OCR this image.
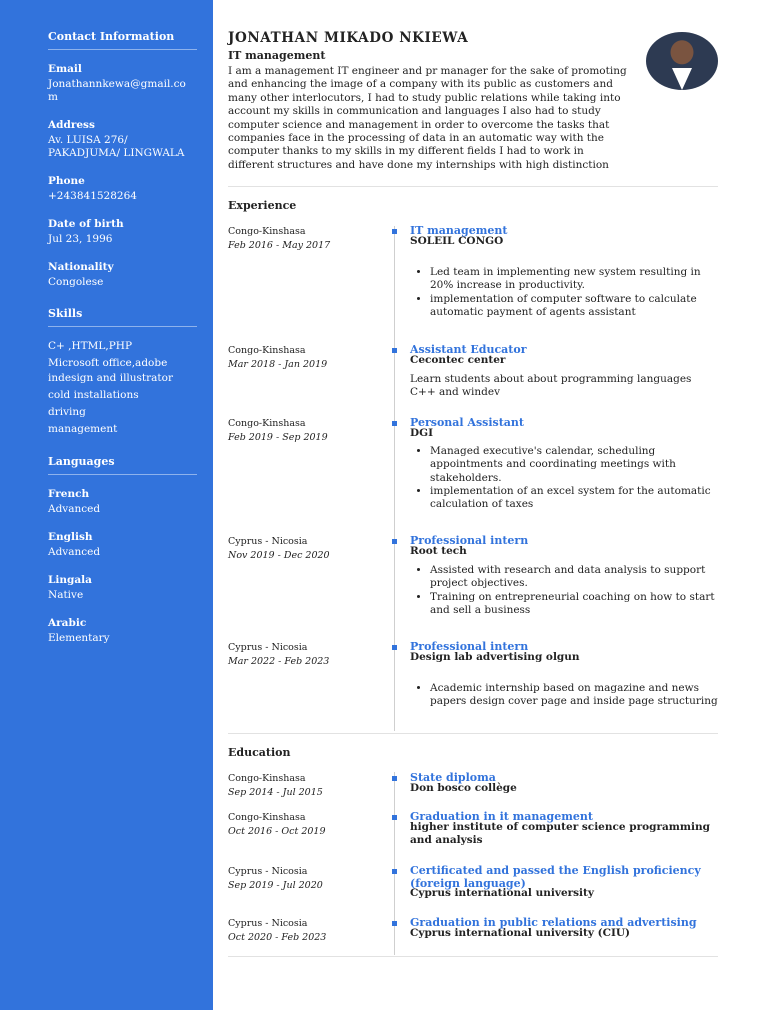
Contact Information

Email

Jonathannkewa@gmail.com

Address

Av. LUISA 276/ PAKADJUMA/ LINGWALA

Phone

+243841528264

Date of birth

Jul 23, 1996

Nationality

Congolese

Skills

C+ ,HTML,PHP

Microsoft office,adobe indesign and illustrator

cold installations

driving

management

Languages

French

Advanced

English

Advanced

Lingala

Native

Arabic

Elementary

JONATHAN MIKADO NKIEWA
IT management

I am a management IT engineer and pr manager for the sake of promoting and enhancing the image of a company with its public as customers and many other interlocutors, I had to study public relations while taking into account my skills in communication and languages I also had to study computer science and management in order to overcome the tasks that companies face in the processing of data in an automatic way with the computer thanks to my skills in my different fields I had to work in different structures and have done my internships with high distinction

Experience
Congo-Kinshasa
Feb 2016 - May 2017
IT management
SOLEIL CONGO
• Led team in implementing new system resulting in 20% increase in productivity.
• implementation of computer software to calculate automatic payment of agents assistant
Congo-Kinshasa
Mar 2018 - Jan 2019
Assistant Educator
Cecontec center

Learn students about about programming languages C++ and windev

Congo-Kinshasa
Feb 2019 - Sep 2019
Personal Assistant
DGI
• Managed executive's calendar, scheduling appointments and coordinating meetings with stakeholders.
• implementation of an excel system for the automatic calculation of taxes
Cyprus - Nicosia
Nov 2019 - Dec 2020
Professional intern
Root tech
• Assisted with research and data analysis to support project objectives.
• Training on entrepreneurial coaching on how to start and sell a business
Cyprus - Nicosia
Mar 2022 - Feb 2023
Professional intern
Design lab advertising olgun
• Academic internship based on magazine and news papers design cover page and inside page structuring
Education
Congo-Kinshasa
Sep 2014 - Jul 2015
State diploma
Don bosco collège
Congo-Kinshasa
Oct 2016 - Oct 2019
Graduation in it management
higher institute of computer science programming and analysis
Cyprus - Nicosia
Sep 2019 - Jul 2020
Certificated and passed the English proficiency (foreign language)
Cyprus international university
Cyprus - Nicosia
Oct 2020 - Feb 2023
Graduation in public relations and advertising
Cyprus international university (CIU)
